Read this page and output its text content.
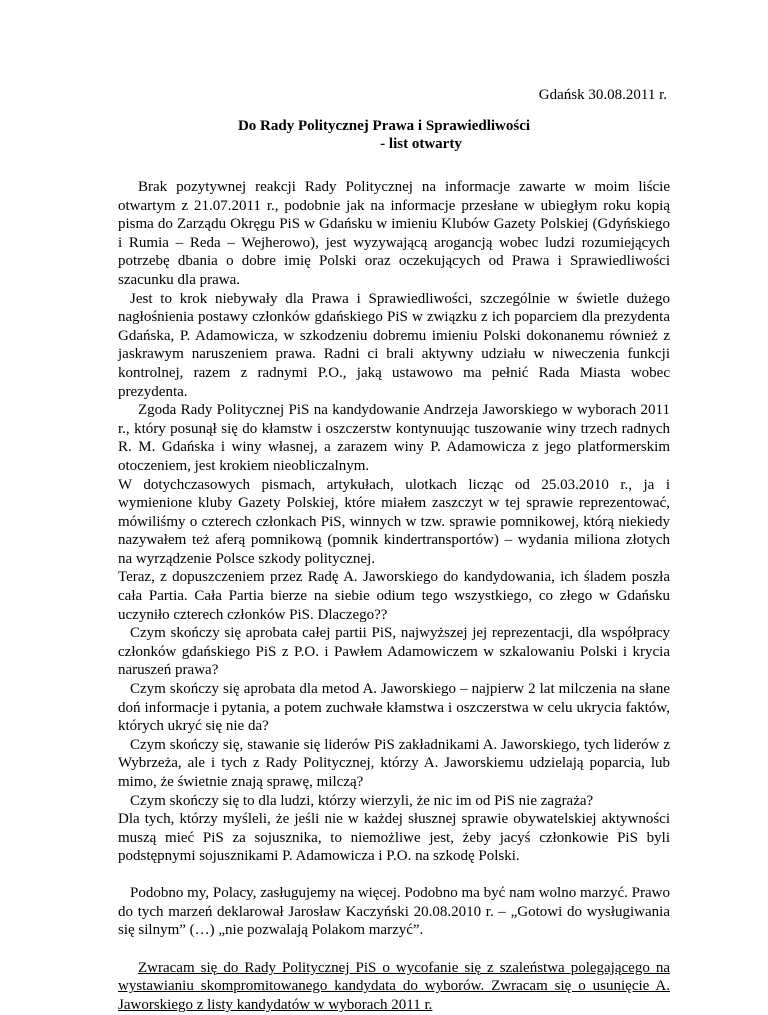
Gdańsk 30.08.2011 r.
Do Rady Politycznej Prawa i Sprawiedliwości
- list otwarty

Brak pozytywnej reakcji Rady Politycznej na informacje zawarte w moim liście otwartym z 21.07.2011 r., podobnie jak na informacje przesłane w ubiegłym roku kopią pisma do Zarządu Okręgu PiS w Gdańsku w imieniu Klubów Gazety Polskiej (Gdyńskiego i Rumia – Reda – Wejherowo), jest wyzywającą arogancją wobec ludzi rozumiejących potrzebę dbania o dobre imię Polski oraz oczekujących od Prawa i Sprawiedliwości szacunku dla prawa.

Jest to krok niebywały dla Prawa i Sprawiedliwości, szczególnie w świetle dużego nagłośnienia postawy członków gdańskiego PiS w związku z ich poparciem dla prezydenta Gdańska, P. Adamowicza, w szkodzeniu dobremu imieniu Polski dokonanemu również z jaskrawym naruszeniem prawa. Radni ci brali aktywny udziału w niweczenia funkcji kontrolnej, razem z radnymi P.O., jaką ustawowo ma pełnić Rada Miasta wobec prezydenta.

Zgoda Rady Politycznej PiS na kandydowanie Andrzeja Jaworskiego w wyborach 2011 r., który posunął się do kłamstw i oszczerstw kontynuując tuszowanie winy trzech radnych R. M. Gdańska i winy własnej, a zarazem winy P. Adamowicza z jego platformerskim otoczeniem, jest krokiem nieobliczalnym.

W dotychczasowych pismach, artykułach, ulotkach licząc od 25.03.2010 r., ja i wymienione kluby Gazety Polskiej, które miałem zaszczyt w tej sprawie reprezentować, mówiliśmy o czterech członkach PiS, winnych w tzw. sprawie pomnikowej, którą niekiedy nazywałem też aferą pomnikową (pomnik kindertransportów) – wydania miliona złotych na wyrządzenie Polsce szkody politycznej.

Teraz, z dopuszczeniem przez Radę A. Jaworskiego do kandydowania, ich śladem poszła cała Partia. Cała Partia bierze na siebie odium tego wszystkiego, co złego w Gdańsku uczyniło czterech członków PiS. Dlaczego??

Czym skończy się aprobata całej partii PiS, najwyższej jej reprezentacji, dla współpracy członków gdańskiego PiS z P.O. i Pawłem Adamowiczem w szkalowaniu Polski i krycia naruszeń prawa?

Czym skończy się aprobata dla metod A. Jaworskiego – najpierw 2 lat milczenia na słane doń informacje i pytania, a potem zuchwałe kłamstwa i oszczerstwa w celu ukrycia faktów, których ukryć się nie da?

Czym skończy się, stawanie się liderów PiS zakładnikami A. Jaworskiego, tych liderów z Wybrzeża, ale i tych z Rady Politycznej, którzy A. Jaworskiemu udzielają poparcia, lub mimo, że świetnie znają sprawę, milczą?

Czym skończy się to dla ludzi, którzy wierzyli, że nic im od PiS nie zagraża?

Dla tych, którzy myśleli, że jeśli nie w każdej słusznej sprawie obywatelskiej aktywności muszą mieć PiS za sojusznika, to niemożliwe jest, żeby jacyś członkowie PiS byli podstępnymi sojusznikami P. Adamowicza i P.O. na szkodę Polski.

Podobno my, Polacy, zasługujemy na więcej. Podobno ma być nam wolno marzyć. Prawo do tych marzeń deklarował Jarosław Kaczyński 20.08.2010 r. – „Gotowi do wysługiwania się silnym” (…) „nie pozwalają Polakom marzyć”.

Zwracam się do Rady Politycznej PiS o wycofanie się z szaleństwa polegającego na wystawianiu skompromitowanego kandydata do wyborów. Zwracam się o usunięcie A. Jaworskiego z listy kandydatów w wyborach 2011 r.
